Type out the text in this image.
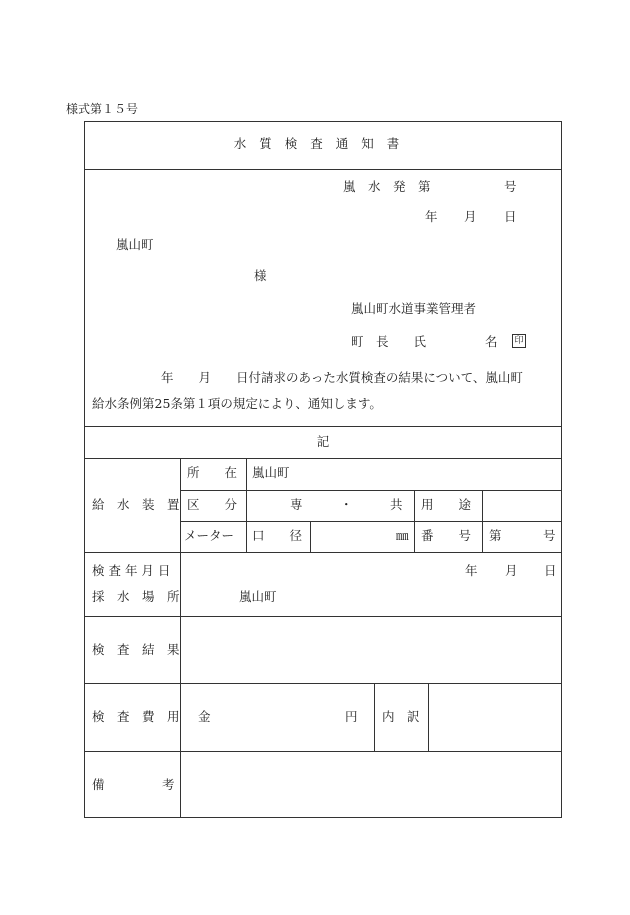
様式第１５号
水質検査通知書
嵐　水　発　第	号
年 月 日
嵐山町
様
嵐山町水道事業管理者
町　長　　氏	名	印
年　　月　　日付請求のあった水質検査の結果について、嵐山町
給水条例第25条第１項の規定により、通知します。
記
給　水　装　置
所　　在 嵐山町
区　　分	専　　　・　　　共 用　　途
メーター 口　　径	㎜ 番　　号 第	号
検 査 年 月 日	年 月 日
採　水　場　所	嵐山町
検　査　結　果
検　査　費　用 金	円 内　訳
備	考
